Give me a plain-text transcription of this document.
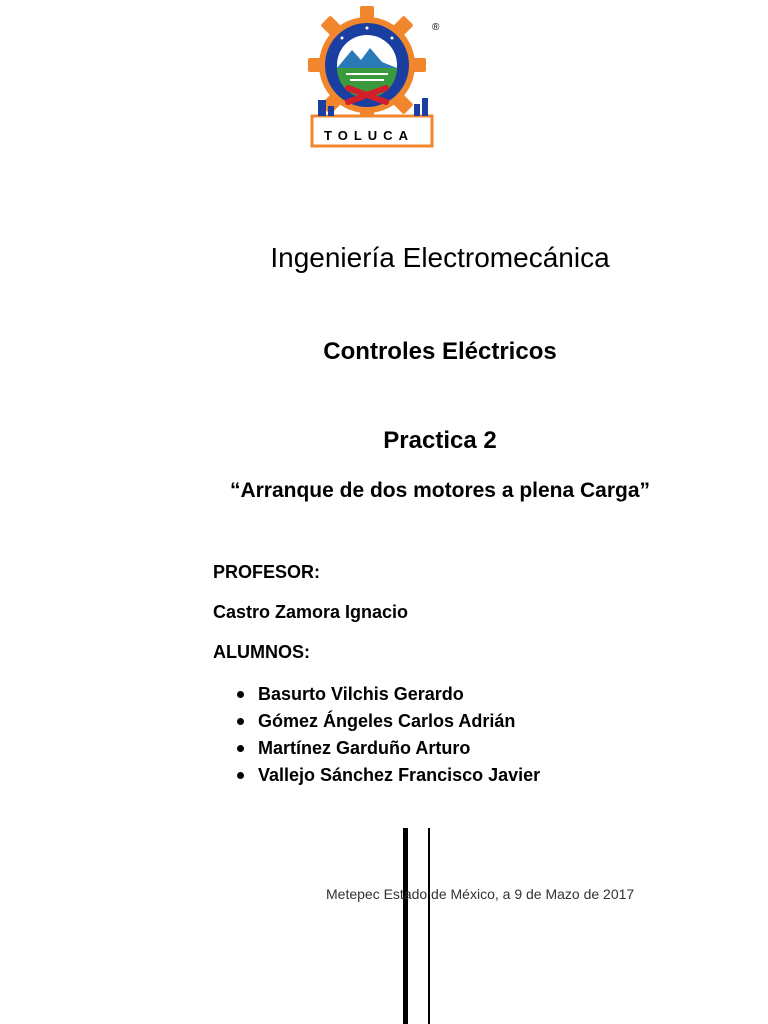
TOLUCA
®
Ingeniería Electromecánica
Controles Eléctricos
Practica 2
“Arranque de dos motores a plena Carga”
PROFESOR:
Castro Zamora Ignacio
ALUMNOS:
Basurto Vilchis Gerardo
Gómez Ángeles Carlos Adrián
Martínez Garduño Arturo
Vallejo Sánchez Francisco Javier
Metepec Estado de México, a 9 de Mazo de 2017
